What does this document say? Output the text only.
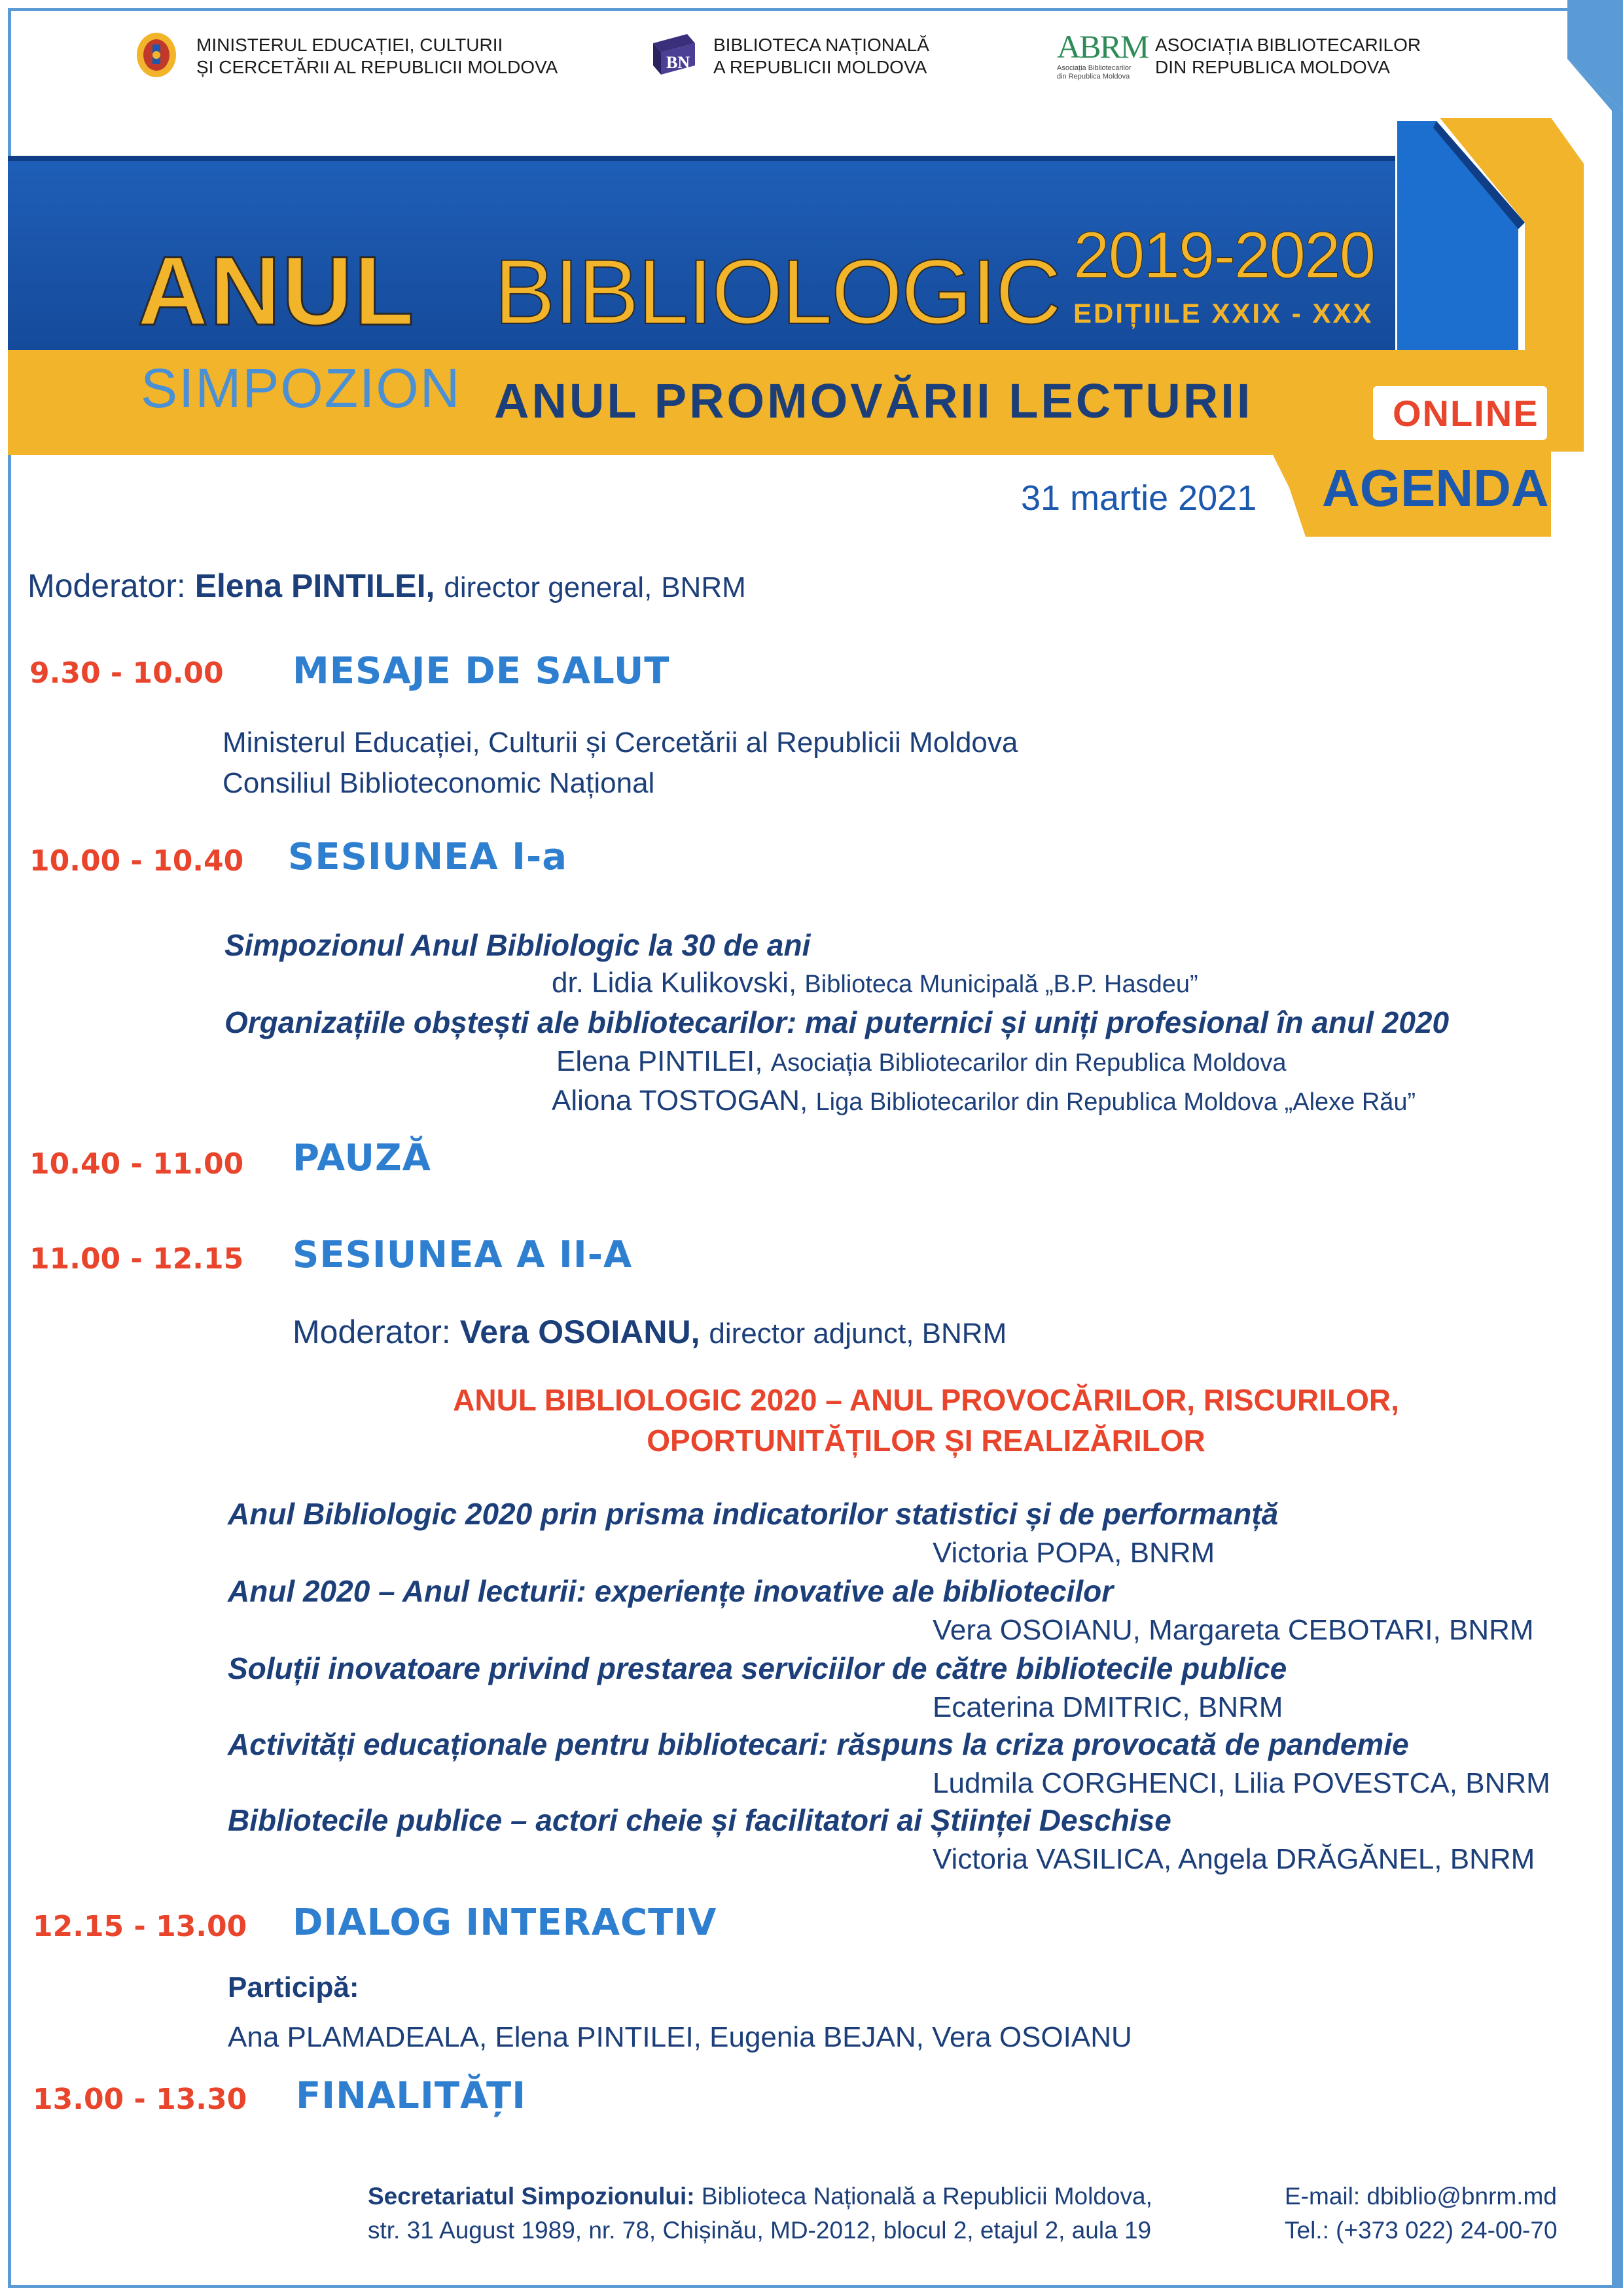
MINISTERUL EDUCAȚIEI, CULTURII
ȘI CERCETĂRII AL REPUBLICII MOLDOVA	BN
BIBLIOTECA NAȚIONALĂ
A REPUBLICII MOLDOVA
ABRM
Asociația Bibliotecarilor din Republica Moldova
ASOCIAȚIA BIBLIOTECARILOR
DIN REPUBLICA MOLDOVA
ANUL BIBLIOLOGIC 2019-2020
EDIȚIILE XXIX - XXX
SIMPOZION ANUL PROMOVĂRII LECTURII	ONLINE
AGENDA
31 martie 2021
Moderator: Elena PINTILEI, director general, BNRM
9.30 - 10.00 MESAJE DE SALUT
Ministerul Educației, Culturii și Cercetării al Republicii Moldova
Consiliul Biblioteconomic Național
10.00 - 10.40 SESIUNEA I-a
Simpozionul Anul Bibliologic la 30 de ani
dr. Lidia Kulikovski, Biblioteca Municipală „B.P. Hasdeu”
Organizațiile obștești ale bibliotecarilor: mai puternici și uniți profesional în anul 2020
Elena PINTILEI, Asociația Bibliotecarilor din Republica Moldova
Aliona TOSTOGAN, Liga Bibliotecarilor din Republica Moldova „Alexe Rău”
10.40 - 11.00 PAUZĂ
11.00 - 12.15 SESIUNEA A II-A
Moderator: Vera OSOIANU, director adjunct, BNRM
ANUL BIBLIOLOGIC 2020 – ANUL PROVOCĂRILOR, RISCURILOR,
OPORTUNITĂȚILOR ȘI REALIZĂRILOR
Anul Bibliologic 2020 prin prisma indicatorilor statistici și de performanță
Victoria POPA, BNRM
Anul 2020 – Anul lecturii: experiențe inovative ale bibliotecilor
Vera OSOIANU, Margareta CEBOTARI, BNRM
Soluții inovatoare privind prestarea serviciilor de către bibliotecile publice
Ecaterina DMITRIC, BNRM
Activități educaționale pentru bibliotecari: răspuns la criza provocată de pandemie
Ludmila CORGHENCI, Lilia POVESTCA, BNRM
Bibliotecile publice – actori cheie și facilitatori ai Științei Deschise
Victoria VASILICA, Angela DRĂGĂNEL, BNRM
12.15 - 13.00 DIALOG INTERACTIV
Participă:
Ana PLAMADEALA, Elena PINTILEI, Eugenia BEJAN, Vera OSOIANU
13.00 - 13.30 FINALITĂȚI
Secretariatul Simpozionului: Biblioteca Națională a Republicii Moldova,
str. 31 August 1989, nr. 78, Chișinău, MD-2012, blocul 2, etajul 2, aula 19
E-mail: dbiblio@bnrm.md
Tel.: (+373 022) 24-00-70
